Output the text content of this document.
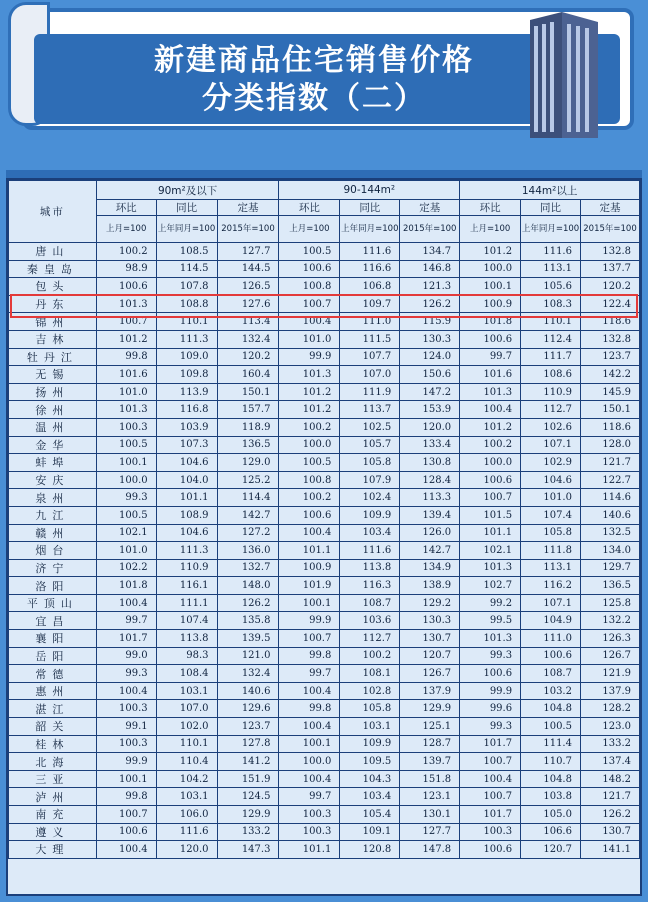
新建商品住宅销售价格
分类指数（二）
城市	90m²及以下			90-144m²			144m²以上		
	环比	同比	定基	环比	同比	定基	环比	同比	定基
	上月=100	上年同月=100	2015年=100	上月=100	上年同月=100	2015年=100	上月=100	上年同月=100	2015年=100
唐山	100.2	108.5	127.7	100.5	111.6	134.7	101.2	111.6	132.8
秦皇岛	98.9	114.5	144.5	100.6	116.6	146.8	100.0	113.1	137.7
包头	100.6	107.8	126.5	100.8	106.8	121.3	100.1	105.6	120.2
丹东	101.3	108.8	127.6	100.7	109.7	126.2	100.9	108.3	122.4
锦州	100.7	110.1	113.4	100.4	111.0	115.9	101.8	110.1	118.6
吉林	101.2	111.3	132.4	101.0	111.5	130.3	100.6	112.4	132.8
牡丹江	99.8	109.0	120.2	99.9	107.7	124.0	99.7	111.7	123.7
无锡	101.6	109.8	160.4	101.3	107.0	150.6	101.6	108.6	142.2
扬州	101.0	113.9	150.1	101.2	111.9	147.2	101.3	110.9	145.9
徐州	101.3	116.8	157.7	101.2	113.7	153.9	100.4	112.7	150.1
温州	100.3	103.9	118.9	100.2	102.5	120.0	101.2	102.6	118.6
金华	100.5	107.3	136.5	100.0	105.7	133.4	100.2	107.1	128.0
蚌埠	100.1	104.6	129.0	100.5	105.8	130.8	100.0	102.9	121.7
安庆	100.0	104.0	125.2	100.8	107.9	128.4	100.6	104.6	122.7
泉州	99.3	101.1	114.4	100.2	102.4	113.3	100.7	101.0	114.6
九江	100.5	108.9	142.7	100.6	109.9	139.4	101.5	107.4	140.6
赣州	102.1	104.6	127.2	100.4	103.4	126.0	101.1	105.8	132.5
烟台	101.0	111.3	136.0	101.1	111.6	142.7	102.1	111.8	134.0
济宁	102.2	110.9	132.7	100.9	113.8	134.9	101.3	113.1	129.7
洛阳	101.8	116.1	148.0	101.9	116.3	138.9	102.7	116.2	136.5
平顶山	100.4	111.1	126.2	100.1	108.7	129.2	99.2	107.1	125.8
宜昌	99.7	107.4	135.8	99.9	103.6	130.3	99.5	104.9	132.2
襄阳	101.7	113.8	139.5	100.7	112.7	130.7	101.3	111.0	126.3
岳阳	99.0	98.3	121.0	99.8	100.2	120.7	99.3	100.6	126.7
常德	99.3	108.4	132.4	99.7	108.1	126.7	100.6	108.7	121.9
惠州	100.4	103.1	140.6	100.4	102.8	137.9	99.9	103.2	137.9
湛江	100.3	107.0	129.6	99.8	105.8	129.9	99.6	104.8	128.2
韶关	99.1	102.0	123.7	100.4	103.1	125.1	99.3	100.5	123.0
桂林	100.3	110.1	127.8	100.1	109.9	128.7	101.7	111.4	133.2
北海	99.9	110.4	141.2	100.0	109.5	139.7	100.7	110.7	137.4
三亚	100.1	104.2	151.9	100.4	104.3	151.8	100.4	104.8	148.2
泸州	99.8	103.1	124.5	99.7	103.4	123.1	100.7	103.8	121.7
南充	100.7	106.0	129.9	100.3	105.4	130.1	101.7	105.0	126.2
遵义	100.6	111.6	133.2	100.3	109.1	127.7	100.3	106.6	130.7
大理	100.4	120.0	147.3	101.1	120.8	147.8	100.6	120.7	141.1
